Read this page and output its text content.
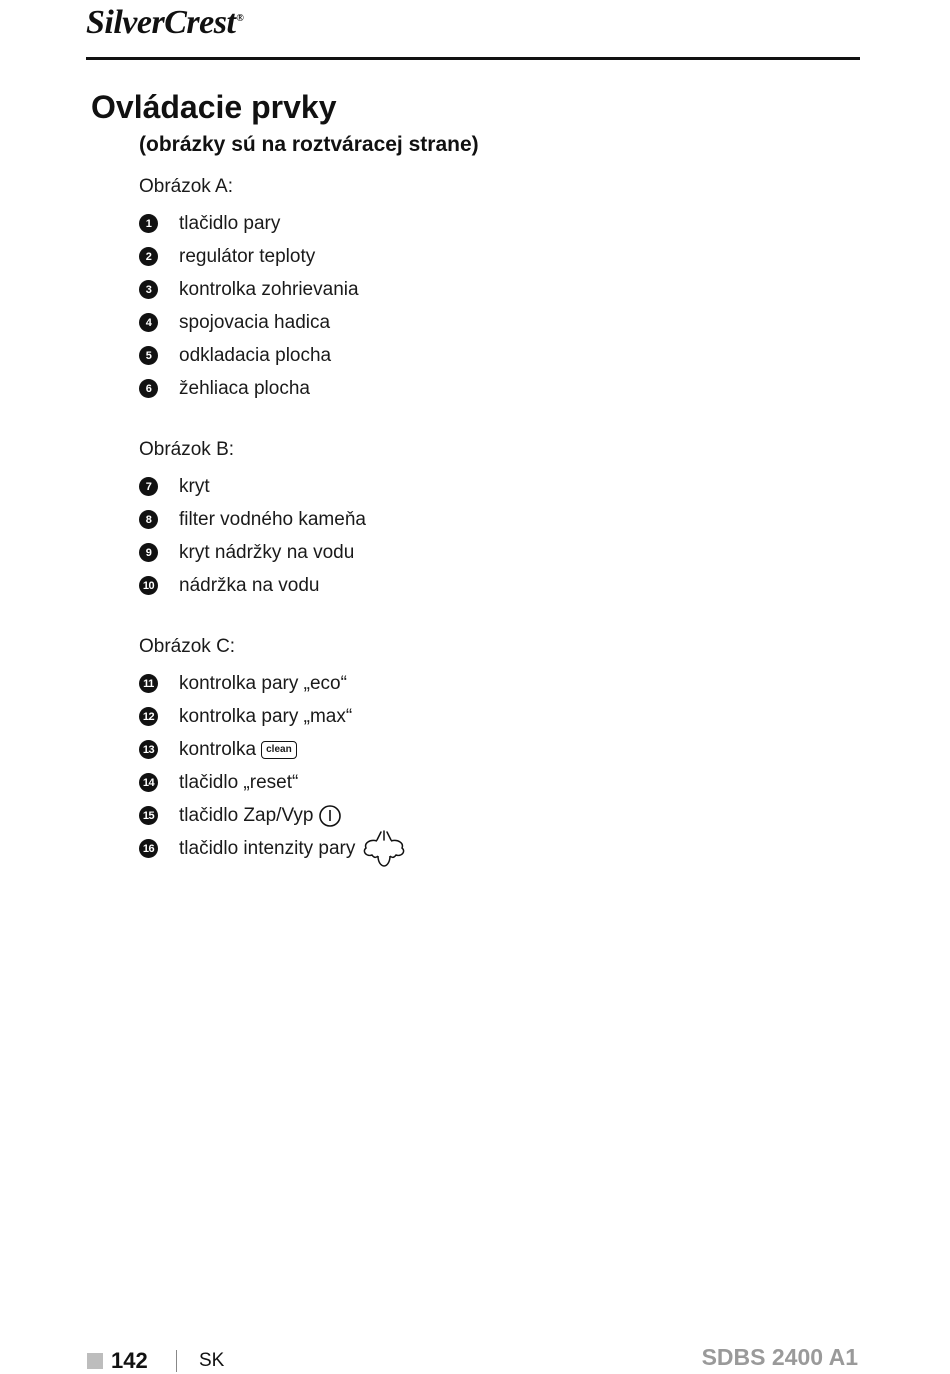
SilverCrest®
Ovládacie prvky
(obrázky sú na roztváracej strane)
Obrázok A:
1	tlačidlo pary
2	regulátor teploty
3	kontrolka zohrievania
4	spojovacia hadica
5	odkladacia plocha
6	žehliaca plocha
Obrázok B:
7	kryt
8	filter vodného kameňa
9	kryt nádržky na vodu
10 nádržka na vodu
Obrázok C:
11 kontrolka pary „eco“
12 kontrolka pary „max“
13 kontrolka	clean
14 tlačidlo „reset“
15 tlačidlo Zap/Vyp
16 tlačidlo intenzity pary
142	SK	SDBS 2400 A1
